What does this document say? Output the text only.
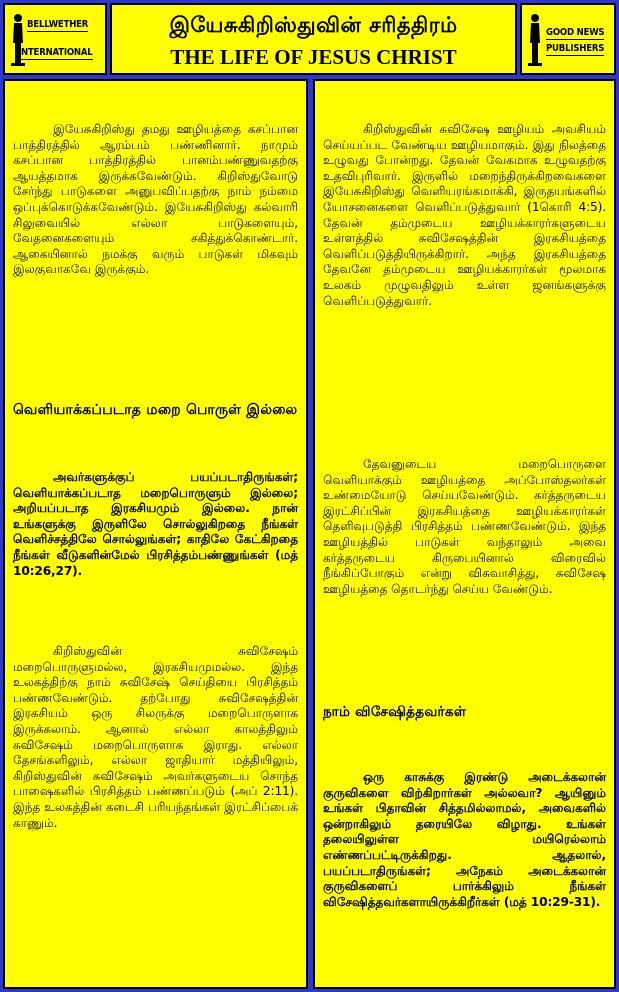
BELLWETHER
INTERNATIONAL
இயேசுகிறிஸ்துவின் சரித்திரம்
THE LIFE OF JESUS CHRIST
GOOD NEWS
PUBLISHERS

இயேசுகிறிஸ்து தமது ஊழியத்தை கசப்பான பாத்திரத்தில் ஆரம்பம் பண்ணினார். நாமும் கசப்பான பாத்திரத்தில் பானம்பண்ணுவதற்கு ஆயத்தமாக இருக்கவேண்டும். கிறிஸ்துவோடு சேர்ந்து பாடுகளை அனுபவிப்பதற்கு நாம் நம்மை ஒப்புக்கொடுக்கவேண்டும். இயேசுகிறிஸ்து கல்வாரி சிலுவையில் எல்லா பாடுகளையும், வேதனைகளையும் சகித்துக்கொண்டார். ஆகையினால் நமக்கு வரும் பாடுகள் மிகவும் இலகுவாகவே இருக்கும்.

வெளியாக்கப்படாத மறை பொருள் இல்லை

அவர்களுக்குப் பயப்படாதிருங்கள்; வெளியாக்கப்படாத மறைபொருளும் இல்லை; அறியப்படாத இரகசியமும் இல்லை. நான் உங்களுக்கு இருளிலே சொல்லுகிறதை நீங்கள் வெளிச்சத்திலே சொல்லுங்கள்; காதிலே கேட்கிறதை நீங்கள் வீடுகளின்மேல் பிரசித்தம்பண்ணுங்கள் (மத் 10:26,27).

கிறிஸ்துவின் சுவிசேஷம் மறைபொருளுமல்ல, இரகசியமுமல்ல. இந்த உலகத்திற்கு நாம் சுவிசேஷ் செய்தியை பிரசித்தம் பண்ணவேண்டும். தற்போது சுவிசேஷத்தின் இரகசியம் ஒரு சிலருக்கு மறைபொருளாக இருக்கலாம். ஆனால் எல்லா காலத்திலும் சுவிசேஷம் மறைபொருளாக இராது. எல்லா தேசங்களிலும், எல்லா ஜாதியார் மத்தியிலும், கிறிஸ்துவின் சுவிசேஷம் அவர்களுடைய சொந்த பாஷைகளில் பிரசித்தம் பண்ணப்படும் (அப் 2:11). இந்த உலகத்தின் கடைசி பரியந்தங்கள் இரட்சிப்பைக் காணும்.

கிறிஸ்துவின் சுவிசேஷ ஊழியம் அவசியம் செய்யப்பட வேண்டிய ஊழியமாகும். இது நிலத்தை உழுவது போன்றது. தேவன் வேகமாக உழுவதற்கு உதவிபுரிவார். இருளில் மறைந்திருக்கிறவைகளை இயேசுகிறிஸ்து வெளியரங்கமாக்கி, இருதயங்களில் யோசனைகளை வெளிப்படுத்துவார் (1கொரி 4:5). தேவன் தம்முடைய ஊழியக்காரர்களுடைய உள்ளத்தில் சுவிசேஷத்தின் இரகசியத்தை வெளிப்படுத்தியிருக்கிறார். அந்த இரகசியத்தை தேவனே தம்முடைய ஊழியக்காரர்கள் மூலமாக உலகம் முழுவதிலும் உள்ள ஜனங்களுக்கு வெளிப்படுத்துவார்.

தேவனுடைய மறைபொருளை வெளியாக்கும் ஊழியத்தை அப்போஸ்தலர்கள் உண்மையோடு செய்யவேண்டும். கர்த்தருடைய இரட்சிப்பின் இரகசியத்தை ஊழியக்காரர்கள் தெளிவுபடுத்தி பிரசித்தம் பண்ணவேண்டும். இந்த ஊழியத்தில் பாடுகள் வந்தாலும் அவை கர்த்தருடைய கிருபையினால் விரைவில் நீங்கிப்போகும் என்று விசுவாசித்து, சுவிசேஷ ஊழியத்தை தொடர்ந்து செய்ய வேண்டும்.

நாம் விசேஷித்தவர்கள்

ஒரு காசுக்கு இரண்டு அடைக்கலான் குருவிகளை விற்கிறார்கள் அல்லவா? ஆயினும் உங்கள் பிதாவின் சித்தமில்லாமல், அவைகளில் ஒன்றாகிலும் தரையிலே விழாது. உங்கள் தலையிலுள்ள மயிரெல்லாம் எண்ணப்பட்டிருக்கிறது. ஆதலால், பயப்படாதிருங்கள்; அநேகம் அடைக்கலான் குருவிகளைப் பார்க்கிலும் நீங்கள் விசேஷித்தவர்களாயிருக்கிறீர்கள் (மத் 10:29-31).
